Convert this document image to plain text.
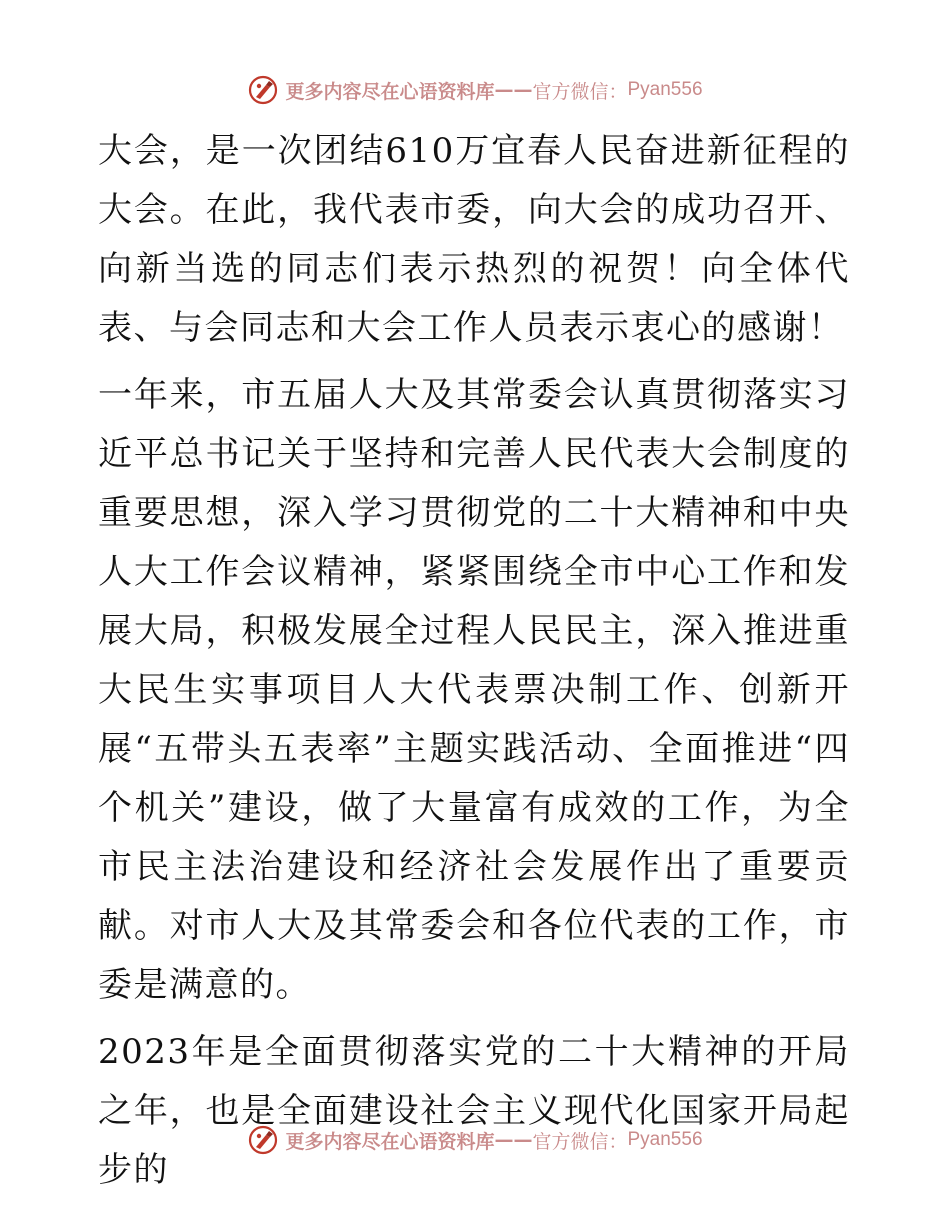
更多内容尽在心语资料库 —— 官方微信： Pyan556

大会，是一次团结610万宜春人民奋进新征程的大会。在此，我代表市委，向大会的成功召开、向新当选的同志们表示热烈的祝贺！向全体代表、与会同志和大会工作人员表示衷心的感谢！

一年来，市五届人大及其常委会认真贯彻落实习近平总书记关于坚持和完善人民代表大会制度的重要思想，深入学习贯彻党的二十大精神和中央人大工作会议精神，紧紧围绕全市中心工作和发展大局，积极发展全过程人民民主，深入推进重大民生实事项目人大代表票决制工作、创新开展“五带头五表率”主题实践活动、全面推进“四个机关”建设，做了大量富有成效的工作，为全市民主法治建设和经济社会发展作出了重要贡献。对市人大及其常委会和各位代表的工作，市委是满意的。

2023年是全面贯彻落实党的二十大精神的开局之年，也是全面建设社会主义现代化国家开局起步的

更多内容尽在心语资料库 —— 官方微信： Pyan556
